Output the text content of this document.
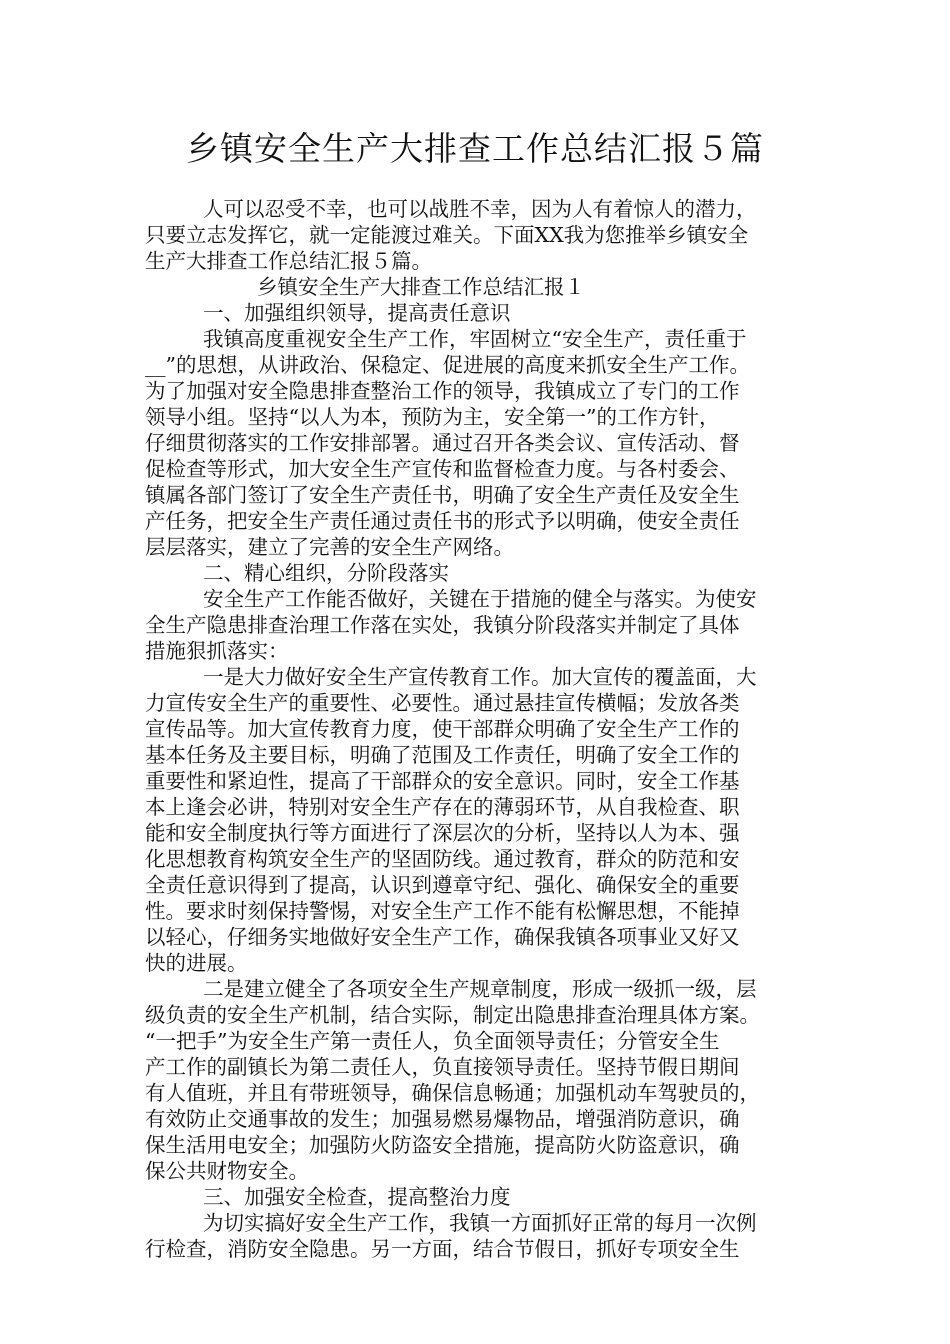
乡镇安全生产大排查工作总结汇报５篇
人可以忍受不幸，也可以战胜不幸，因为人有着惊人的潜力，
只要立志发挥它，就一定能渡过难关。下面XX我为您推举乡镇安全
生产大排查工作总结汇报５篇。
乡镇安全生产大排查工作总结汇报１
一、加强组织领导，提高责任意识
我镇高度重视安全生产工作，牢固树立“安全生产，责任重于
__”的思想，从讲政治、保稳定、促进展的高度来抓安全生产工作。
为了加强对安全隐患排查整治工作的领导，我镇成立了专门的工作
领导小组。坚持“以人为本，预防为主，安全第一”的工作方针，
仔细贯彻落实的工作安排部署。通过召开各类会议、宣传活动、督
促检查等形式，加大安全生产宣传和监督检查力度。与各村委会、
镇属各部门签订了安全生产责任书，明确了安全生产责任及安全生
产任务，把安全生产责任通过责任书的形式予以明确，使安全责任
层层落实，建立了完善的安全生产网络。
二、精心组织，分阶段落实
安全生产工作能否做好，关键在于措施的健全与落实。为使安
全生产隐患排查治理工作落在实处，我镇分阶段落实并制定了具体
措施狠抓落实：
一是大力做好安全生产宣传教育工作。加大宣传的覆盖面，大
力宣传安全生产的重要性、必要性。通过悬挂宣传横幅；发放各类
宣传品等。加大宣传教育力度，使干部群众明确了安全生产工作的
基本任务及主要目标，明确了范围及工作责任，明确了安全工作的
重要性和紧迫性，提高了干部群众的安全意识。同时，安全工作基
本上逢会必讲，特别对安全生产存在的薄弱环节，从自我检查、职
能和安全制度执行等方面进行了深层次的分析，坚持以人为本、强
化思想教育构筑安全生产的坚固防线。通过教育，群众的防范和安
全责任意识得到了提高，认识到遵章守纪、强化、确保安全的重要
性。要求时刻保持警惕，对安全生产工作不能有松懈思想，不能掉
以轻心，仔细务实地做好安全生产工作，确保我镇各项事业又好又
快的进展。
二是建立健全了各项安全生产规章制度，形成一级抓一级，层
级负责的安全生产机制，结合实际，制定出隐患排查治理具体方案。
“一把手”为安全生产第一责任人，负全面领导责任；分管安全生
产工作的副镇长为第二责任人，负直接领导责任。坚持节假日期间
有人值班，并且有带班领导，确保信息畅通；加强机动车驾驶员的，
有效防止交通事故的发生；加强易燃易爆物品，增强消防意识，确
保生活用电安全；加强防火防盗安全措施，提高防火防盗意识，确
保公共财物安全。
三、加强安全检查，提高整治力度
为切实搞好安全生产工作，我镇一方面抓好正常的每月一次例
行检查，消防安全隐患。另一方面，结合节假日，抓好专项安全生
